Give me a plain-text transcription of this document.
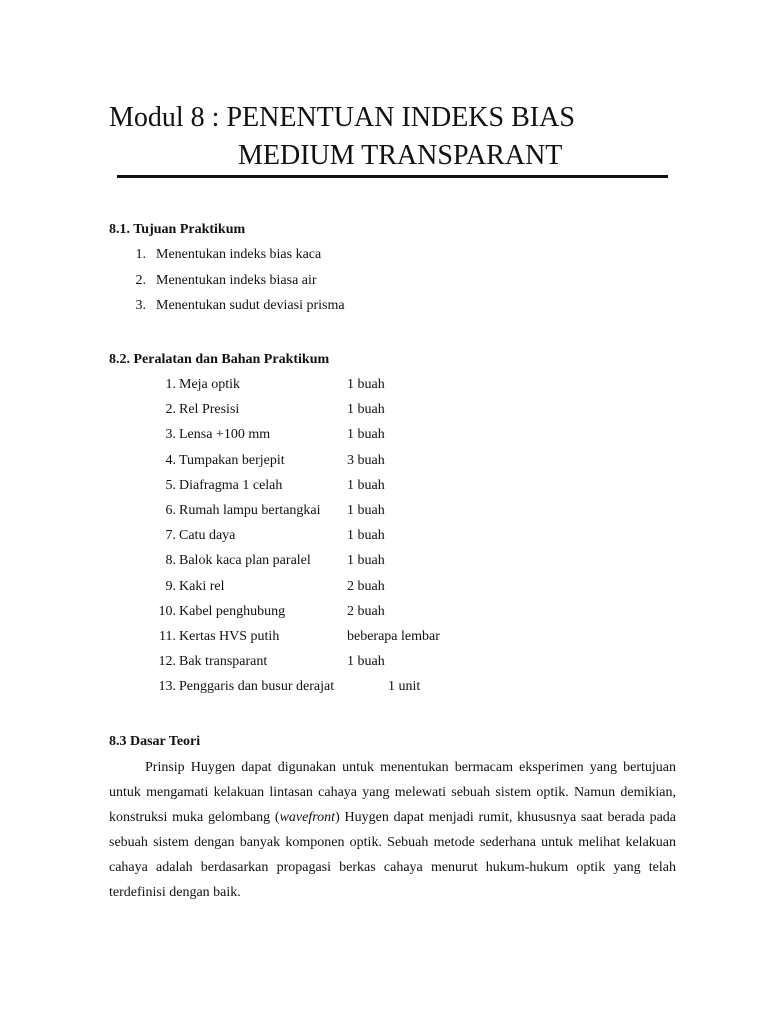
Modul 8 : PENENTUAN INDEKS BIAS
MEDIUM TRANSPARANT
8.1. Tujuan Praktikum
1. Menentukan indeks bias kaca
2. Menentukan indeks biasa air
3. Menentukan sudut deviasi prisma
8.2. Peralatan dan Bahan Praktikum
1. Meja optik	1 buah
2. Rel Presisi	1 buah
3. Lensa +100 mm	1 buah
4. Tumpakan berjepit	3 buah
5. Diafragma 1 celah	1 buah
6. Rumah lampu bertangkai 1 buah
7. Catu daya	1 buah
8. Balok kaca plan paralel	1 buah
9. Kaki rel	2 buah
10. Kabel penghubung	2 buah
11. Kertas HVS putih	beberapa lembar
12. Bak transparant	1 buah
13. Penggaris dan busur derajat	1 unit
8.3 Dasar Teori

Prinsip Huygen dapat digunakan untuk menentukan bermacam eksperimen yang bertujuan untuk mengamati kelakuan lintasan cahaya yang melewati sebuah sistem optik. Namun demikian, konstruksi muka gelombang (wavefront) Huygen dapat menjadi rumit, khususnya saat berada pada sebuah sistem dengan banyak komponen optik. Sebuah metode sederhana untuk melihat kelakuan cahaya adalah berdasarkan propagasi berkas cahaya menurut hukum-hukum optik yang telah terdefinisi dengan baik.
